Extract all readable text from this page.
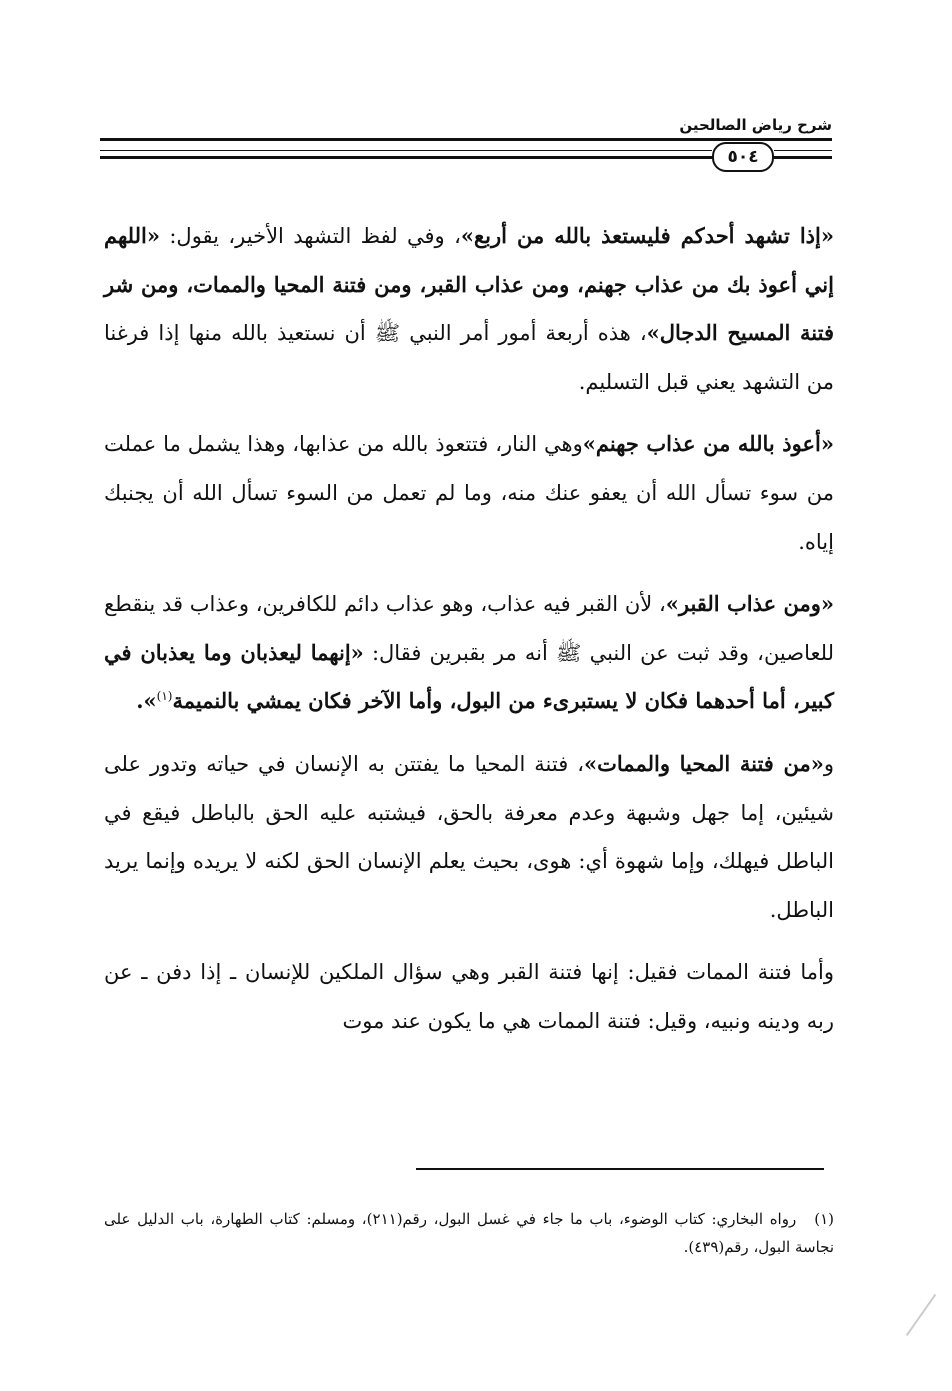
شرح رياض الصالحين
٥٠٤

«إذا تشهد أحدكم فليستعذ بالله من أربع»، وفي لفظ التشهد الأخير، يقول: «اللهم إني أعوذ بك من عذاب جهنم، ومن عذاب القبر، ومن فتنة المحيا والممات، ومن شر فتنة المسيح الدجال»، هذه أربعة أمور أمر النبي ﷺ أن نستعيذ بالله منها إذا فرغنا من التشهد يعني قبل التسليم.

«أعوذ بالله من عذاب جهنم»وهي النار، فتتعوذ بالله من عذابها، وهذا يشمل ما عملت من سوء تسأل الله أن يعفو عنك منه، وما لم تعمل من السوء تسأل الله أن يجنبك إياه.

«ومن عذاب القبر»، لأن القبر فيه عذاب، وهو عذاب دائم للكافرين، وعذاب قد ينقطع للعاصين، وقد ثبت عن النبي ﷺ أنه مر بقبرين فقال: «إنهما ليعذبان وما يعذبان في كبير، أما أحدهما فكان لا يستبرىء من البول، وأما الآخر فكان يمشي بالنميمة$^{(١)}$».

و«من فتنة المحيا والممات»، فتنة المحيا ما يفتتن به الإنسان في حياته وتدور على شيئين، إما جهل وشبهة وعدم معرفة بالحق، فيشتبه عليه الحق بالباطل فيقع في الباطل فيهلك، وإما شهوة أي: هوى، بحيث يعلم الإنسان الحق لكنه لا يريده وإنما يريد الباطل.

وأما فتنة الممات فقيل: إنها فتنة القبر وهي سؤال الملكين للإنسان ـ إذا دفن ـ عن ربه ودينه ونبيه، وقيل: فتنة الممات هي ما يكون عند موت

(١)رواه البخاري: كتاب الوضوء، باب ما جاء في غسل البول، رقم(٢١١)، ومسلم: كتاب الطهارة، باب الدليل على نجاسة البول، رقم(٤٣٩).
